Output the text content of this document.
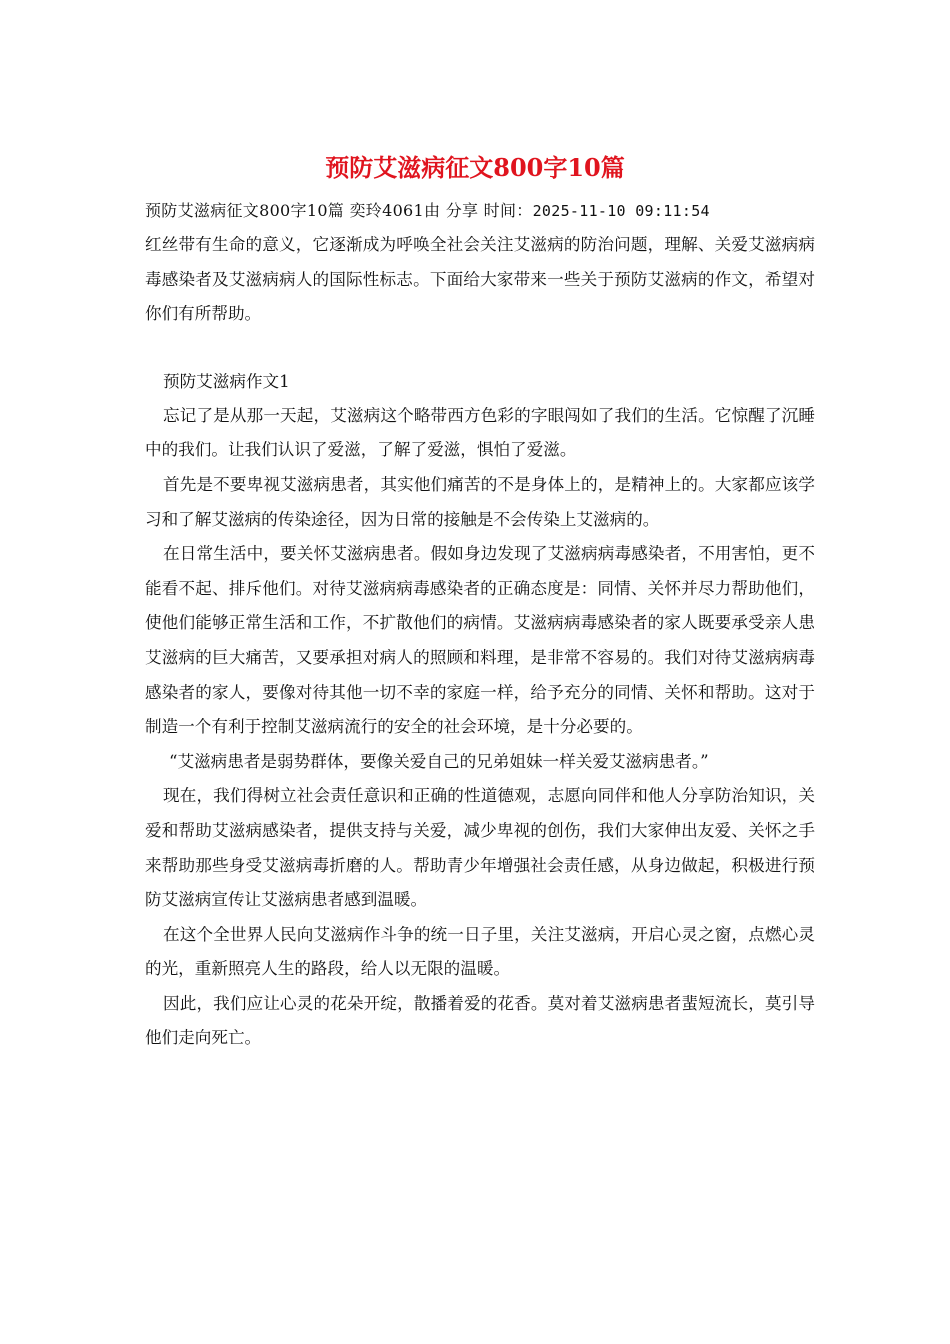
预防艾滋病征文800字10篇
预防艾滋病征文800字10篇 奕玲4061由 分享 时间：2025-11-10 09:11:54

红丝带有生命的意义，它逐渐成为呼唤全社会关注艾滋病的防治问题，理解、关爱艾滋病病毒感染者及艾滋病病人的国际性标志。下面给大家带来一些关于预防艾滋病的作文，希望对你们有所帮助。

预防艾滋病作文1

忘记了是从那一天起，艾滋病这个略带西方色彩的字眼闯如了我们的生活。它惊醒了沉睡中的我们。让我们认识了爱滋，了解了爱滋，惧怕了爱滋。

首先是不要卑视艾滋病患者，其实他们痛苦的不是身体上的，是精神上的。大家都应该学习和了解艾滋病的传染途径，因为日常的接触是不会传染上艾滋病的。

在日常生活中，要关怀艾滋病患者。假如身边发现了艾滋病病毒感染者，不用害怕，更不能看不起、排斥他们。对待艾滋病病毒感染者的正确态度是：同情、关怀并尽力帮助他们，使他们能够正常生活和工作，不扩散他们的病情。艾滋病病毒感染者的家人既要承受亲人患艾滋病的巨大痛苦，又要承担对病人的照顾和料理，是非常不容易的。我们对待艾滋病病毒感染者的家人，要像对待其他一切不幸的家庭一样，给予充分的同情、关怀和帮助。这对于制造一个有利于控制艾滋病流行的安全的社会环境，是十分必要的。

“艾滋病患者是弱势群体，要像关爱自己的兄弟姐妹一样关爱艾滋病患者。”

现在，我们得树立社会责任意识和正确的性道德观，志愿向同伴和他人分享防治知识，关爱和帮助艾滋病感染者，提供支持与关爱，减少卑视的创伤，我们大家伸出友爱、关怀之手来帮助那些身受艾滋病毒折磨的人。帮助青少年增强社会责任感，从身边做起，积极进行预防艾滋病宣传让艾滋病患者感到温暖。

在这个全世界人民向艾滋病作斗争的统一日子里，关注艾滋病，开启心灵之窗，点燃心灵的光，重新照亮人生的路段，给人以无限的温暖。

因此，我们应让心灵的花朵开绽，散播着爱的花香。莫对着艾滋病患者蜚短流长，莫引导他们走向死亡。
